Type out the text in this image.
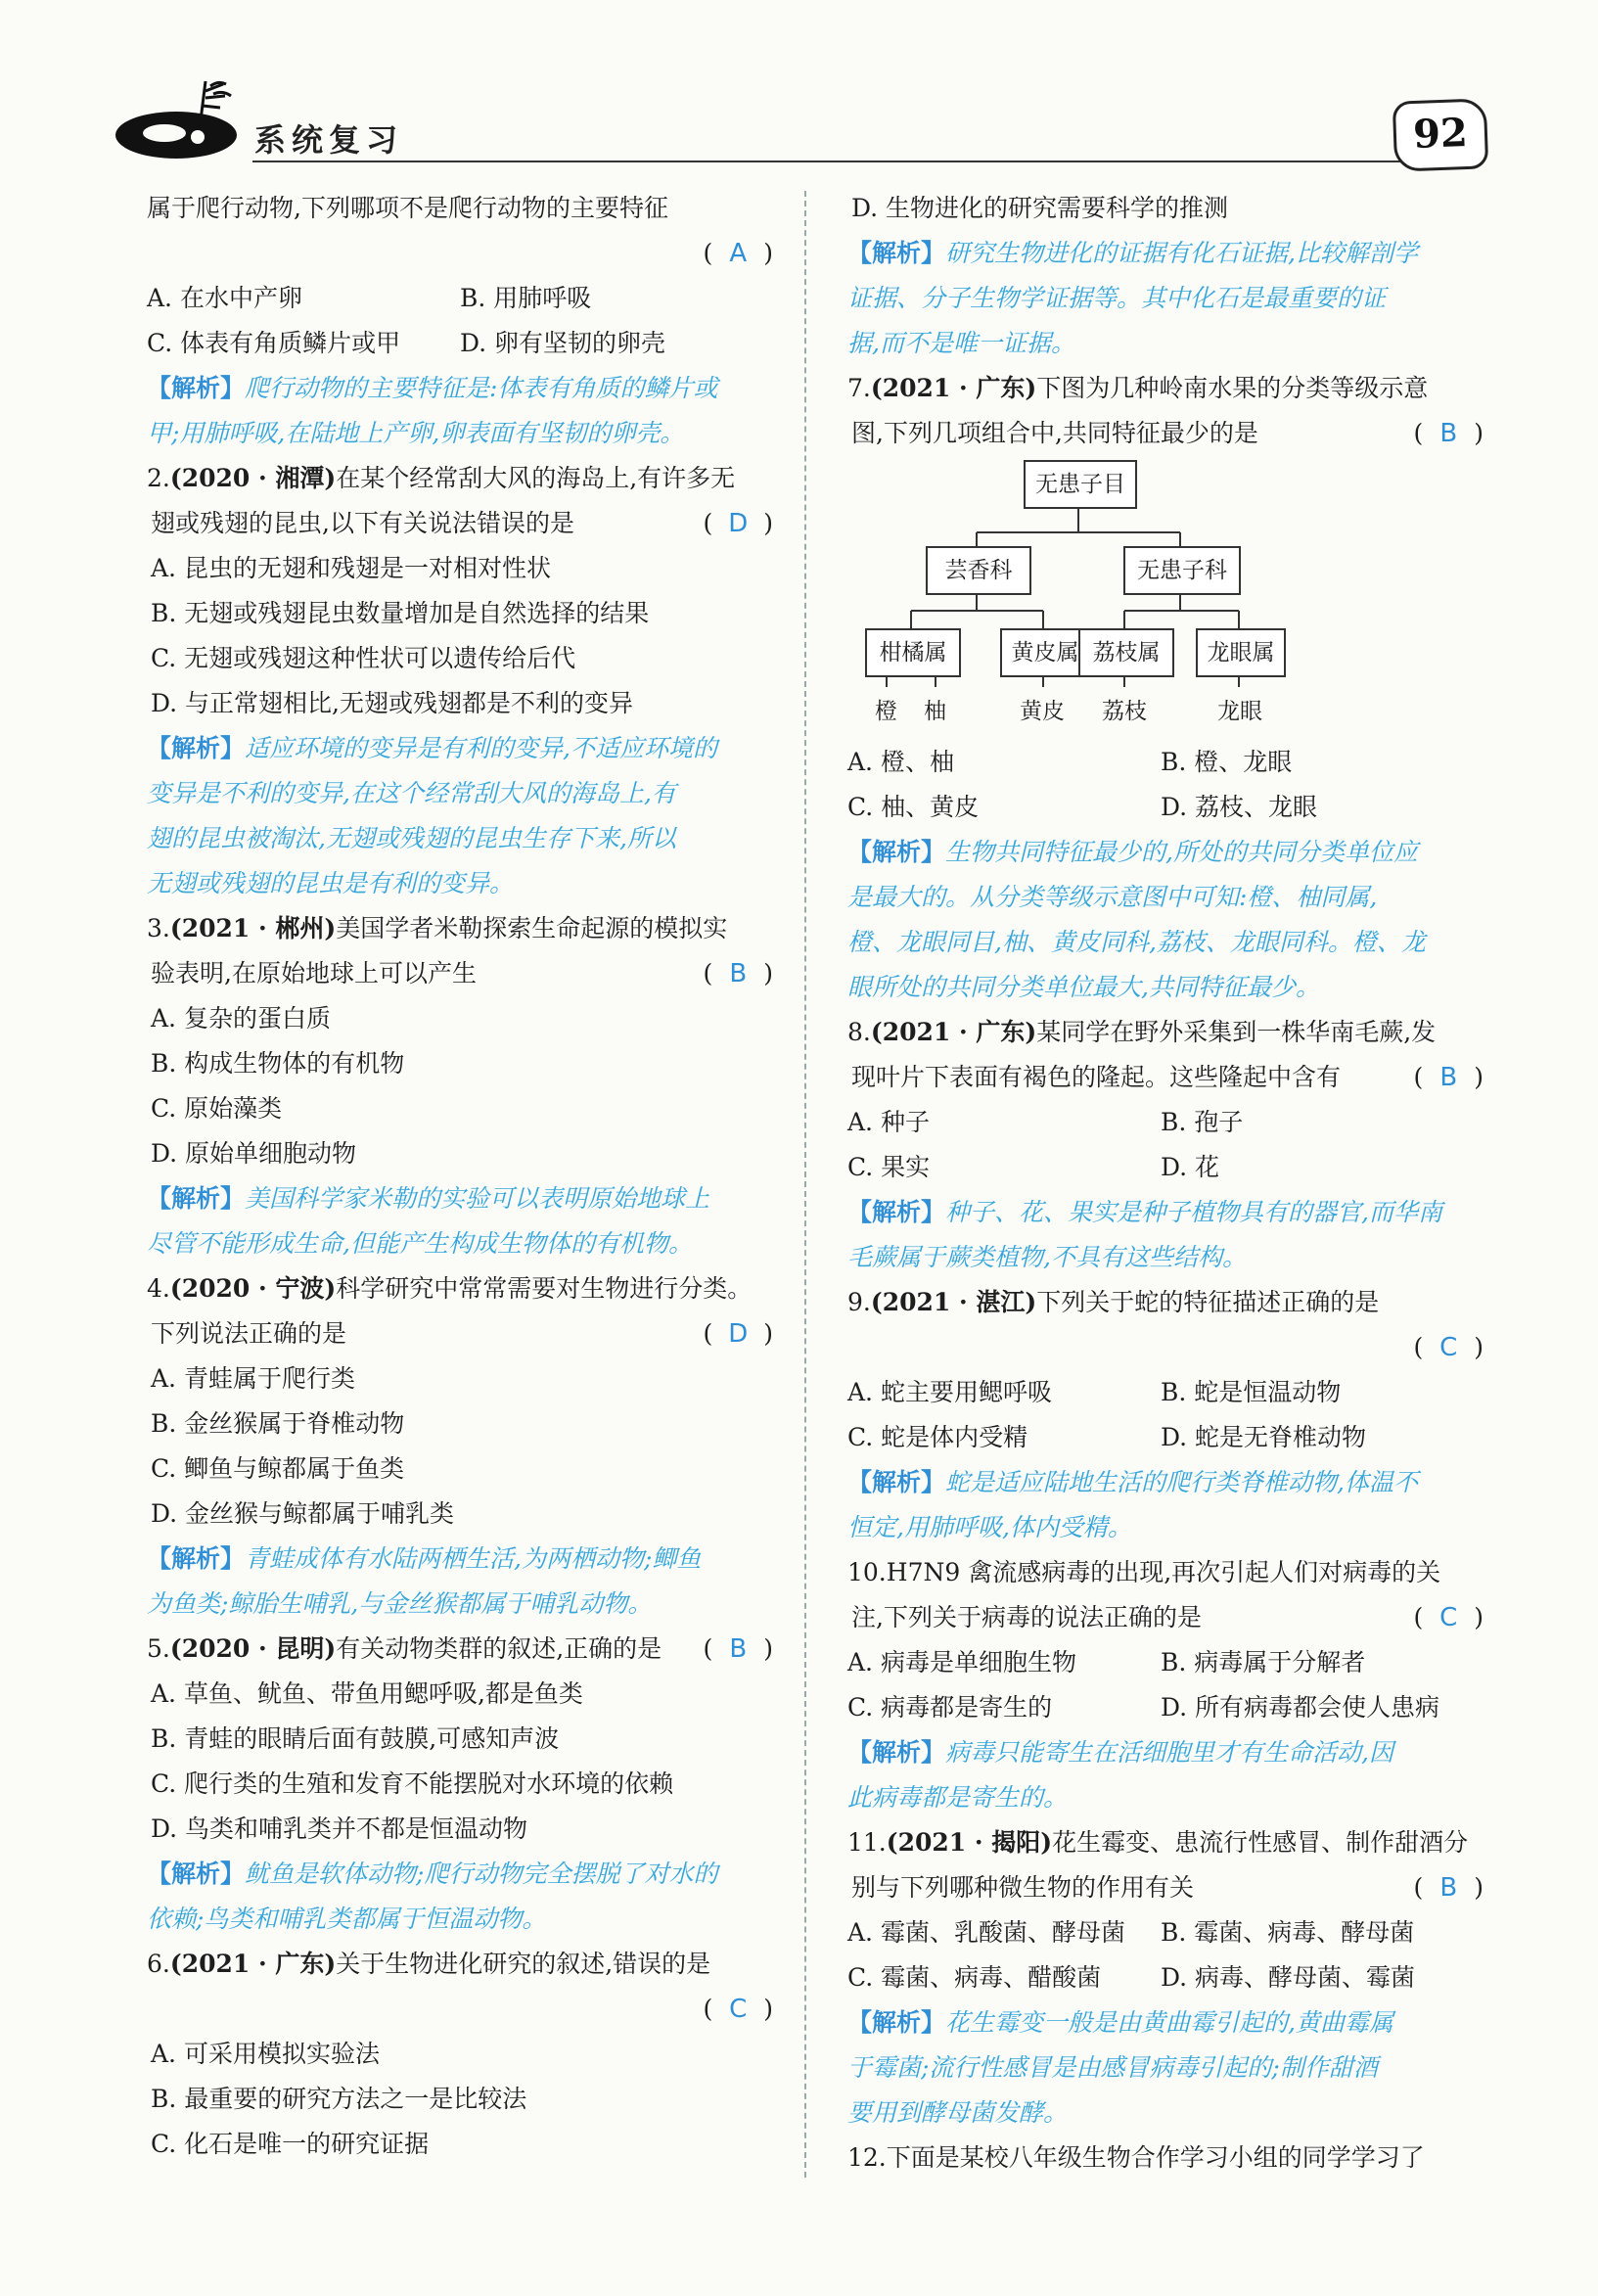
系统复习	92
属于爬行动物,下列哪项不是爬行动物的主要特征
( A )
A. 在水中产卵	B. 用肺呼吸
C. 体表有角质鳞片或甲	D. 卵有坚韧的卵壳
【解析】爬行动物的主要特征是:体表有角质的鳞片或
甲;用肺呼吸,在陆地上产卵,卵表面有坚韧的卵壳。
2.(2020 · 湘潭)在某个经常刮大风的海岛上,有许多无
翅或残翅的昆虫,以下有关说法错误的是	( D )
A. 昆虫的无翅和残翅是一对相对性状
B. 无翅或残翅昆虫数量增加是自然选择的结果
C. 无翅或残翅这种性状可以遗传给后代
D. 与正常翅相比,无翅或残翅都是不利的变异
【解析】适应环境的变异是有利的变异,不适应环境的
变异是不利的变异,在这个经常刮大风的海岛上,有
翅的昆虫被淘汰,无翅或残翅的昆虫生存下来,所以
无翅或残翅的昆虫是有利的变异。
3.(2021 · 郴州)美国学者米勒探索生命起源的模拟实
验表明,在原始地球上可以产生	( B )
A. 复杂的蛋白质
B. 构成生物体的有机物
C. 原始藻类
D. 原始单细胞动物
【解析】美国科学家米勒的实验可以表明原始地球上
尽管不能形成生命,但能产生构成生物体的有机物。
4.(2020 · 宁波)科学研究中常常需要对生物进行分类。
下列说法正确的是	( D )
A. 青蛙属于爬行类
B. 金丝猴属于脊椎动物
C. 鲫鱼与鲸都属于鱼类
D. 金丝猴与鲸都属于哺乳类
【解析】青蛙成体有水陆两栖生活,为两栖动物;鲫鱼
为鱼类;鲸胎生哺乳,与金丝猴都属于哺乳动物。
5.(2020 · 昆明)有关动物类群的叙述,正确的是 ( B )
A. 草鱼、鱿鱼、带鱼用鳃呼吸,都是鱼类
B. 青蛙的眼睛后面有鼓膜,可感知声波
C. 爬行类的生殖和发育不能摆脱对水环境的依赖
D. 鸟类和哺乳类并不都是恒温动物
【解析】鱿鱼是软体动物;爬行动物完全摆脱了对水的
依赖;鸟类和哺乳类都属于恒温动物。
6.(2021 · 广东)关于生物进化研究的叙述,错误的是
( C )
A. 可采用模拟实验法
B. 最重要的研究方法之一是比较法
C. 化石是唯一的研究证据
D. 生物进化的研究需要科学的推测
【解析】研究生物进化的证据有化石证据,比较解剖学
证据、分子生物学证据等。其中化石是最重要的证
据,而不是唯一证据。
7.(2021 · 广东)下图为几种岭南水果的分类等级示意
图,下列几项组合中,共同特征最少的是	( B )
无患子目
芸香科	无患子科
柑橘属	黄皮属 荔枝属	龙眼属
橙 柚	黄皮 荔枝	龙眼
A. 橙、柚	B. 橙、龙眼
C. 柚、黄皮	D. 荔枝、龙眼
【解析】生物共同特征最少的,所处的共同分类单位应
是最大的。从分类等级示意图中可知:橙、柚同属,
橙、龙眼同目,柚、黄皮同科,荔枝、龙眼同科。橙、龙
眼所处的共同分类单位最大,共同特征最少。
8.(2021 · 广东)某同学在野外采集到一株华南毛蕨,发
现叶片下表面有褐色的隆起。这些隆起中含有	( B )
A. 种子	B. 孢子
C. 果实	D. 花
【解析】种子、花、果实是种子植物具有的器官,而华南
毛蕨属于蕨类植物,不具有这些结构。
9.(2021 · 湛江)下列关于蛇的特征描述正确的是
( C )
A. 蛇主要用鳃呼吸	B. 蛇是恒温动物
C. 蛇是体内受精	D. 蛇是无脊椎动物
【解析】蛇是适应陆地生活的爬行类脊椎动物,体温不
恒定,用肺呼吸,体内受精。
10.H7N9 禽流感病毒的出现,再次引起人们对病毒的关
注,下列关于病毒的说法正确的是	( C )
A. 病毒是单细胞生物	B. 病毒属于分解者
C. 病毒都是寄生的	D. 所有病毒都会使人患病
【解析】病毒只能寄生在活细胞里才有生命活动,因
此病毒都是寄生的。
11.(2021 · 揭阳)花生霉变、患流行性感冒、制作甜酒分
别与下列哪种微生物的作用有关	( B )
A. 霉菌、乳酸菌、酵母菌	B. 霉菌、病毒、酵母菌
C. 霉菌、病毒、醋酸菌	D. 病毒、酵母菌、霉菌
【解析】花生霉变一般是由黄曲霉引起的,黄曲霉属
于霉菌;流行性感冒是由感冒病毒引起的;制作甜酒
要用到酵母菌发酵。
12.下面是某校八年级生物合作学习小组的同学学习了
